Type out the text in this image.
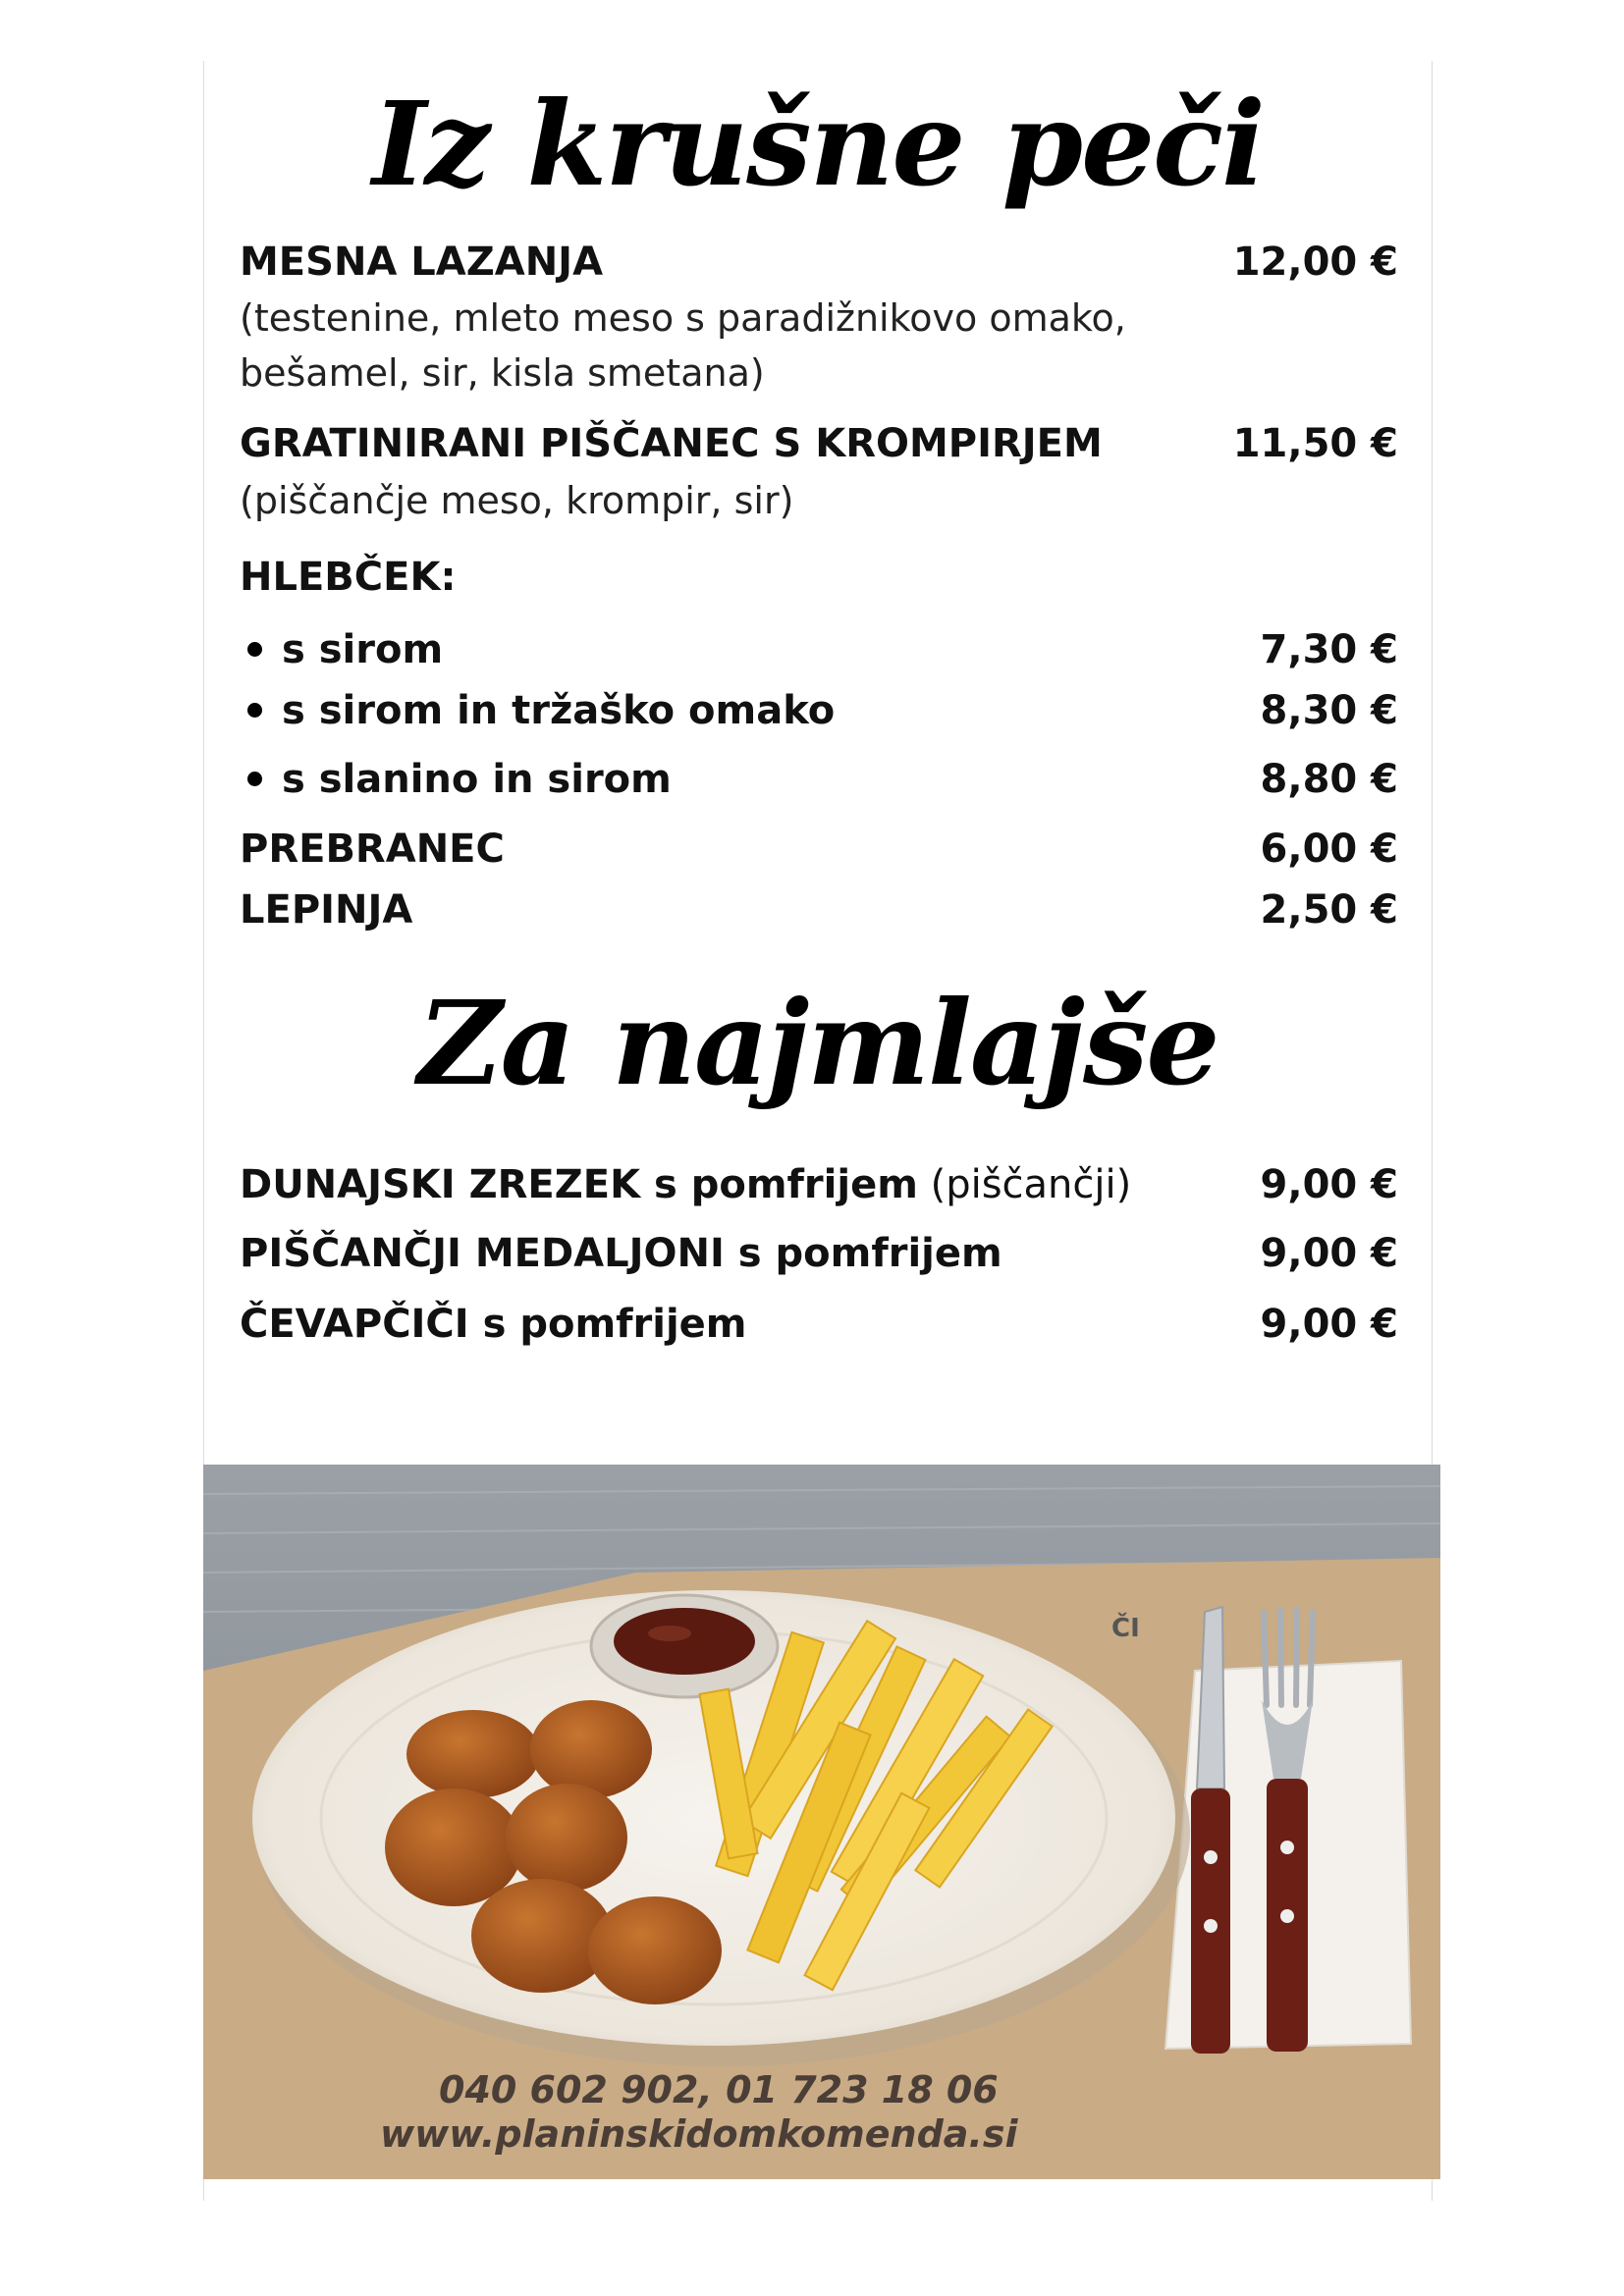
Iz krušne peči
MESNA LAZANJA	12,00 €
(testenine, mleto meso s paradižnikovo omako,
bešamel, sir, kisla smetana)
GRATINIRANI PIŠČANEC S KROMPIRJEM	11,50 €
(piščančje meso, krompir, sir)
HLEBČEK:
s sirom	7,30 €
s sirom in tržaško omako	8,30 €
s slanino in sirom	8,80 €
PREBRANEC	6,00 €
LEPINJA	2,50 €
Za najmlajše
DUNAJSKI ZREZEK s pomfrijem (piščančji)	9,00 €
PIŠČANČJI MEDALJONI s pomfrijem	9,00 €
ČEVAPČIČI s pomfrijem	9,00 €
ČI
040 602 902, 01 723 18 06
www.planinskidomkomenda.si
